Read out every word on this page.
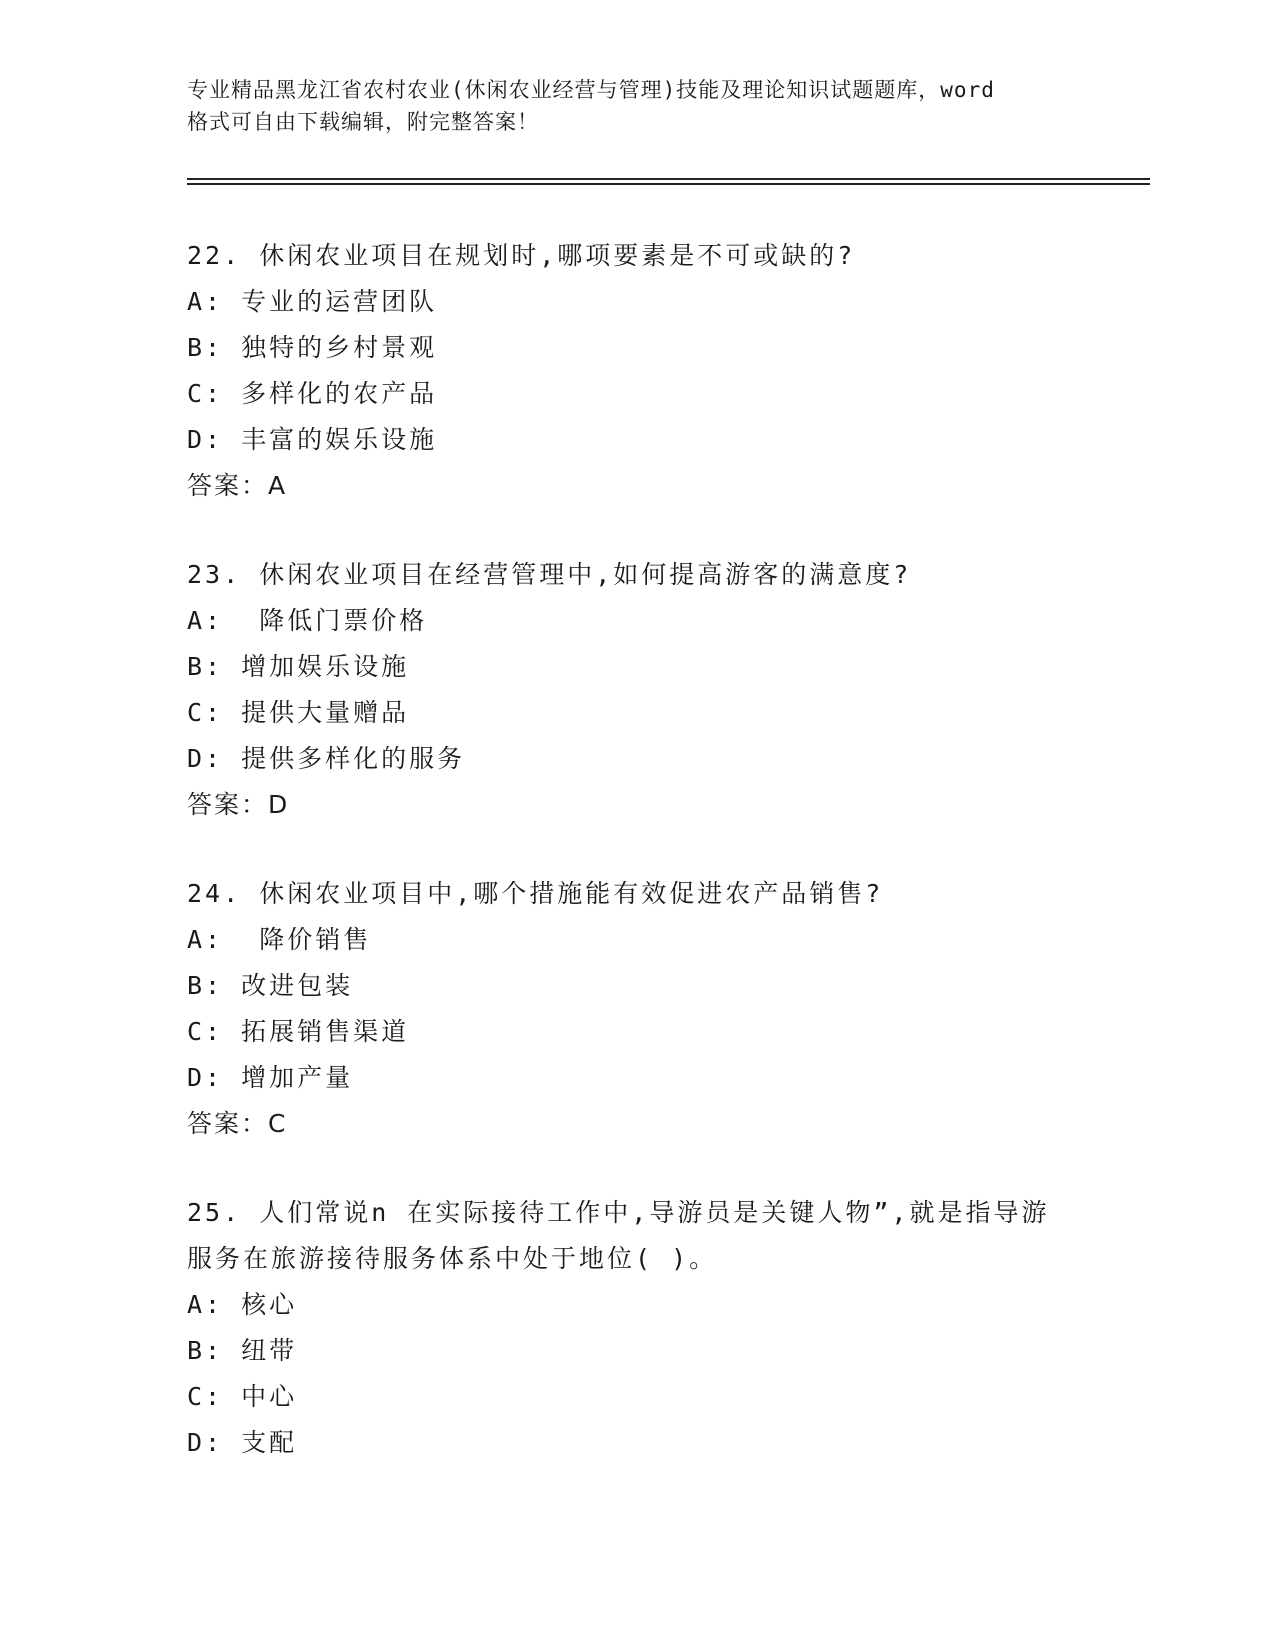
专业精品黑龙江省农村农业(休闲农业经营与管理)技能及理论知识试题题库，word

格式可自由下载编辑，附完整答案！

22. 休闲农业项目在规划时,哪项要素是不可或缺的?

A: 专业的运营团队

B: 独特的乡村景观

C: 多样化的农产品

D: 丰富的娱乐设施

答案：A

23. 休闲农业项目在经营管理中,如何提高游客的满意度?

A:  降低门票价格

B: 增加娱乐设施

C: 提供大量赠品

D: 提供多样化的服务

答案：D

24. 休闲农业项目中,哪个措施能有效促进农产品销售?

A:  降价销售

B: 改进包装

C: 拓展销售渠道

D: 增加产量

答案：C

25. 人们常说n 在实际接待工作中,导游员是关键人物”,就是指导游

服务在旅游接待服务体系中处于地位( )。

A: 核心

B: 纽带

C: 中心

D: 支配
